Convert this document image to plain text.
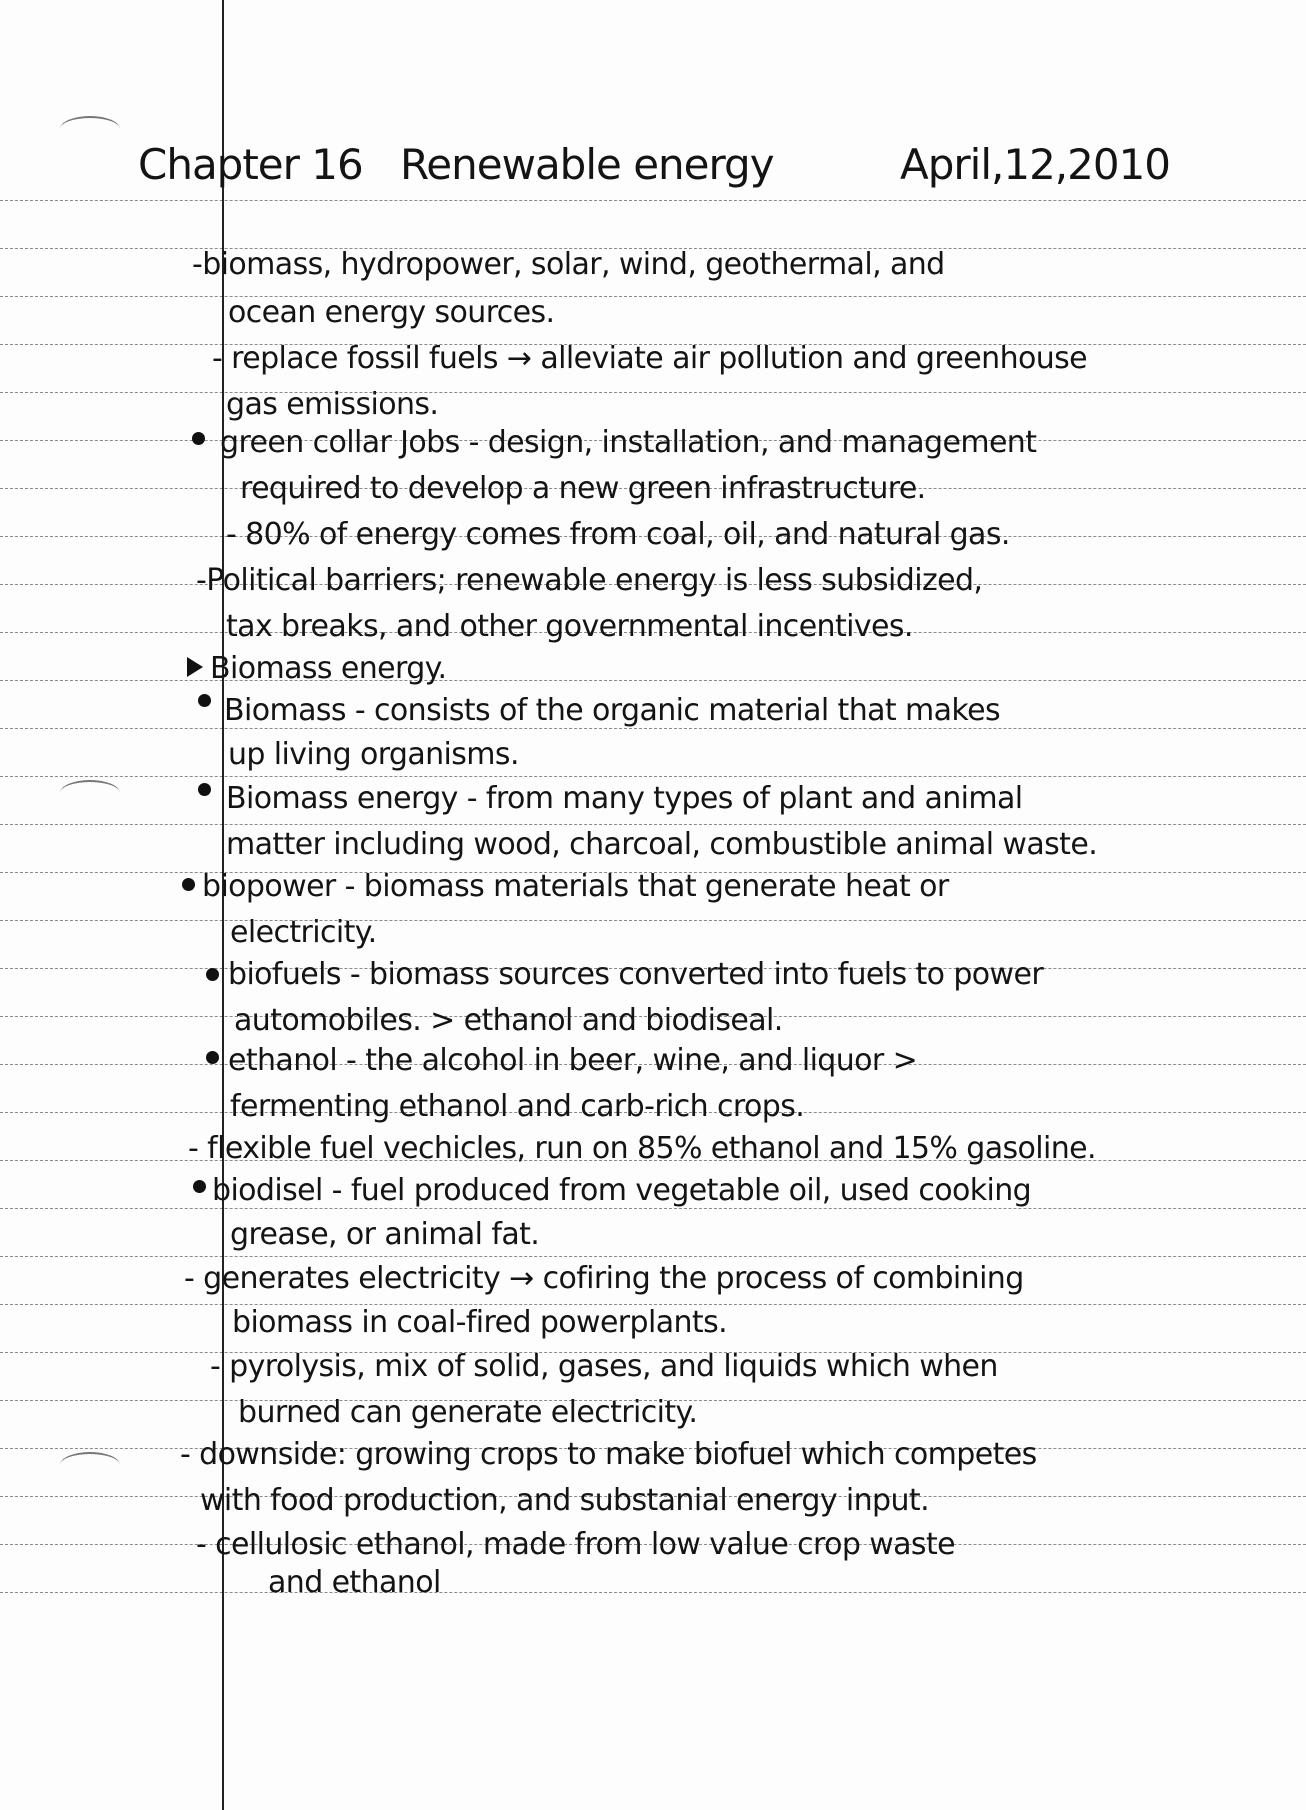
Chapter 16 Renewable energy	April,12,2010
-biomass, hydropower, solar, wind, geothermal, and
ocean energy sources.
- replace fossil fuels → alleviate air pollution and greenhouse
gas emissions.
green collar Jobs - design, installation, and management
required to develop a new green infrastructure.
- 80% of energy comes from coal, oil, and natural gas.
-Political barriers; renewable energy is less subsidized,
tax breaks, and other governmental incentives.
Biomass energy.
Biomass - consists of the organic material that makes
up living organisms.
Biomass energy - from many types of plant and animal
matter including wood, charcoal, combustible animal waste.
biopower - biomass materials that generate heat or
electricity.
biofuels - biomass sources converted into fuels to power
automobiles. > ethanol and biodiseal.
ethanol - the alcohol in beer, wine, and liquor >
fermenting ethanol and carb-rich crops.
- flexible fuel vechicles, run on 85% ethanol and 15% gasoline.
biodisel - fuel produced from vegetable oil, used cooking
grease, or animal fat.
- generates electricity → cofiring the process of combining
biomass in coal-fired powerplants.
- pyrolysis, mix of solid, gases, and liquids which when
burned can generate electricity.
- downside: growing crops to make biofuel which competes
with food production, and substanial energy input.
- cellulosic ethanol, made from low value crop waste
and ethanol
